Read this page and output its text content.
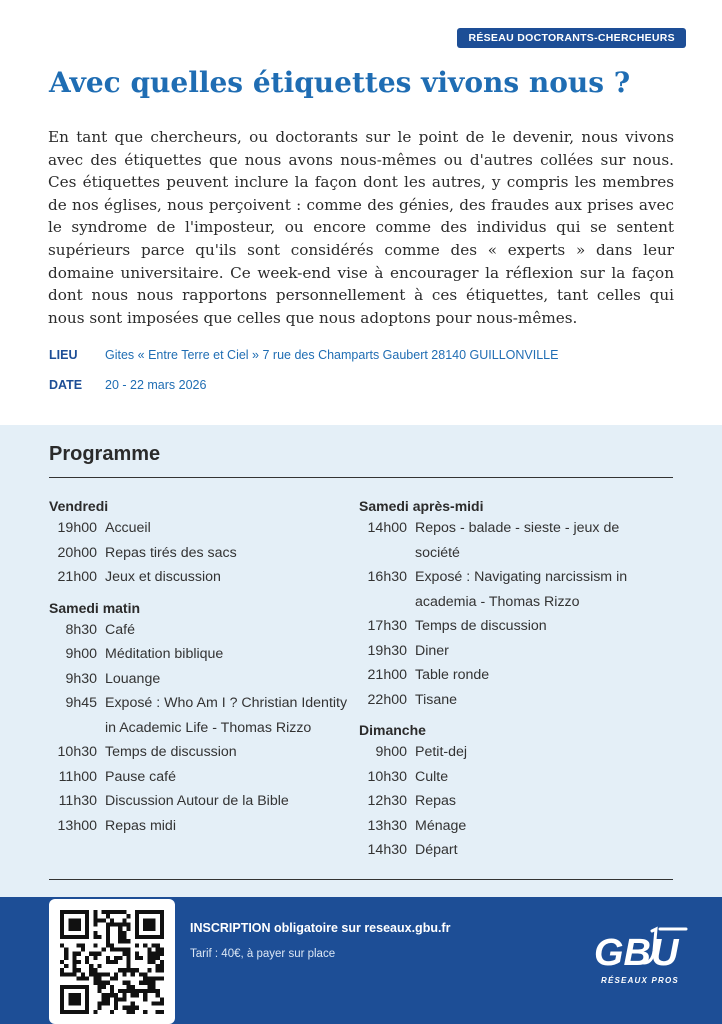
RÉSEAU DOCTORANTS-CHERCHEURS
Avec quelles étiquettes vivons nous ?

En tant que chercheurs, ou doctorants sur le point de le devenir, nous vivons avec des étiquettes que nous avons nous-mêmes ou d'autres collées sur nous. Ces étiquettes peuvent inclure la façon dont les autres, y compris les membres de nos églises, nous perçoivent : comme des génies, des fraudes aux prises avec le syndrome de l'imposteur, ou encore comme des individus qui se sentent supérieurs parce qu'ils sont considérés comme des « experts » dans leur domaine universitaire. Ce week-end vise à encourager la réflexion sur la façon dont nous nous rapportons personnellement à ces étiquettes, tant celles qui nous sont imposées que celles que nous adoptons pour nous-mêmes.

LIEU Gites « Entre Terre et Ciel » 7 rue des Champarts Gaubert 28140 GUILLONVILLE
DATE 20 - 22 mars 2026
Programme
Vendredi
19h00 Accueil
20h00 Repas tirés des sacs
21h00 Jeux et discussion
Samedi matin
8h30 Café
9h00 Méditation biblique
9h30 Louange
9h45 Exposé : Who Am I ? Christian Identity in Academic Life - Thomas Rizzo
10h30 Temps de discussion
11h00 Pause café
11h30 Discussion Autour de la Bible
13h00 Repas midi
Samedi après-midi
14h00 Repos - balade - sieste - jeux de société
16h30 Exposé : Navigating narcissism in academia - Thomas Rizzo
17h30 Temps de discussion
19h30 Diner
21h00 Table ronde
22h00 Tisane
Dimanche
9h00 Petit-dej
10h30 Culte
12h30 Repas
13h30 Ménage
14h30 Départ
INSCRIPTION obligatoire sur reseaux.gbu.fr
Tarif : 40€, à payer sur place	GBU
RÉSEAUX PROS
